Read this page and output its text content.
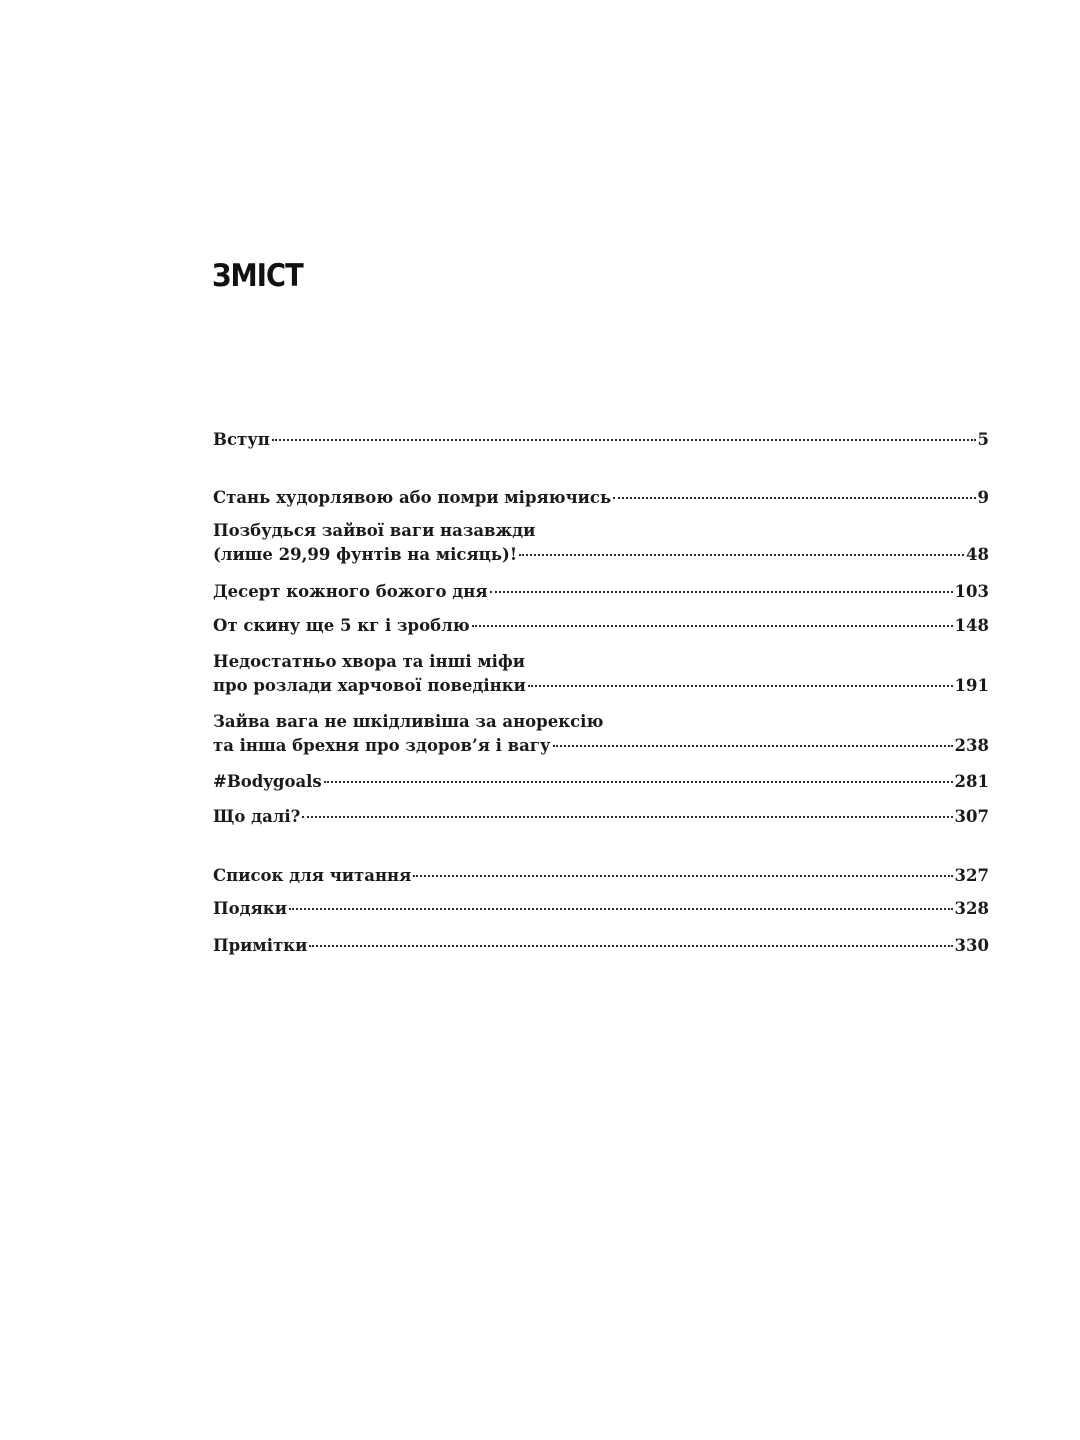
ЗМІСТ
Вступ	5
Стань худорлявою або помри міряючись	9
Позбудься зайвої ваги назавжди
(лише 29,99 фунтів на місяць)!	48
Десерт кожного божого дня	103
От скину ще 5 кг і зроблю	148
Недостатньо хвора та інші міфи
про розлади харчової поведінки	191
Зайва вага не шкідливіша за анорексію
та інша брехня про здоров’я і вагу	238
#Bodygoals	281
Що далі?	307
Список для читання	327
Подяки	328
Примітки	330
